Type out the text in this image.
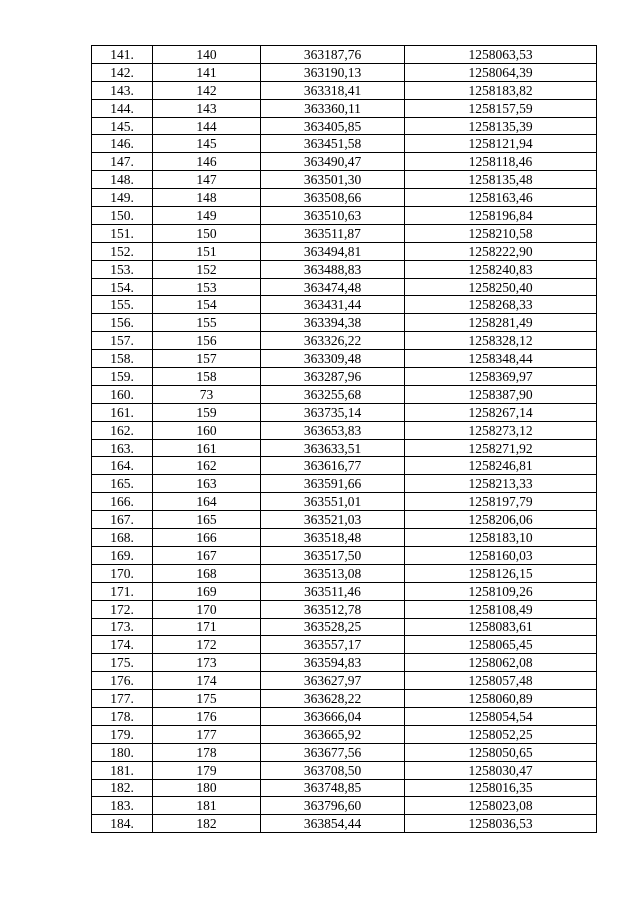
141.	140	363187,76	1258063,53
142.	141	363190,13	1258064,39
143.	142	363318,41	1258183,82
144.	143	363360,11	1258157,59
145.	144	363405,85	1258135,39
146.	145	363451,58	1258121,94
147.	146	363490,47	1258118,46
148.	147	363501,30	1258135,48
149.	148	363508,66	1258163,46
150.	149	363510,63	1258196,84
151.	150	363511,87	1258210,58
152.	151	363494,81	1258222,90
153.	152	363488,83	1258240,83
154.	153	363474,48	1258250,40
155.	154	363431,44	1258268,33
156.	155	363394,38	1258281,49
157.	156	363326,22	1258328,12
158.	157	363309,48	1258348,44
159.	158	363287,96	1258369,97
160.	73	363255,68	1258387,90
161.	159	363735,14	1258267,14
162.	160	363653,83	1258273,12
163.	161	363633,51	1258271,92
164.	162	363616,77	1258246,81
165.	163	363591,66	1258213,33
166.	164	363551,01	1258197,79
167.	165	363521,03	1258206,06
168.	166	363518,48	1258183,10
169.	167	363517,50	1258160,03
170.	168	363513,08	1258126,15
171.	169	363511,46	1258109,26
172.	170	363512,78	1258108,49
173.	171	363528,25	1258083,61
174.	172	363557,17	1258065,45
175.	173	363594,83	1258062,08
176.	174	363627,97	1258057,48
177.	175	363628,22	1258060,89
178.	176	363666,04	1258054,54
179.	177	363665,92	1258052,25
180.	178	363677,56	1258050,65
181.	179	363708,50	1258030,47
182.	180	363748,85	1258016,35
183.	181	363796,60	1258023,08
184.	182	363854,44	1258036,53
